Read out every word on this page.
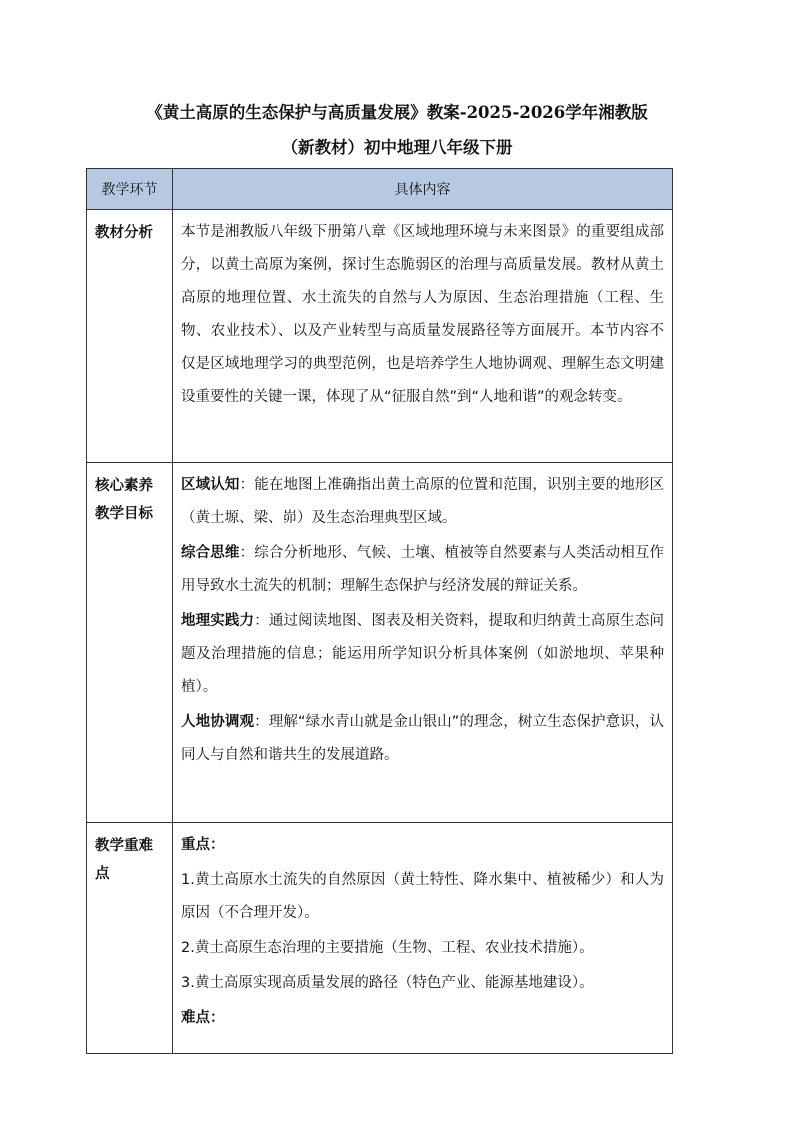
《黄土高原的生态保护与高质量发展》教案-2025-2026学年湘教版
（新教材）初中地理八年级下册
教学环节	具体内容
教材分析	本节是湘教版八年级下册第八章《区域地理环境与未来图景》的重要组成部分，以黄土高原为案例，探讨生态脆弱区的治理与高质量发展。教材从黄土高原的地理位置、水土流失的自然与人为原因、生态治理措施（工程、生物、农业技术）、以及产业转型与高质量发展路径等方面展开。本节内容不仅是区域地理学习的典型范例，也是培养学生人地协调观、理解生态文明建设重要性的关键一课，体现了从“征服自然”到“人地和谐”的观念转变。

核心素养教学目标	区域认知：能在地图上准确指出黄土高原的位置和范围，识别主要的地形区（黄土塬、梁、峁）及生态治理典型区域。

综合思维：综合分析地形、气候、土壤、植被等自然要素与人类活动相互作用导致水土流失的机制；理解生态保护与经济发展的辩证关系。

地理实践力：通过阅读地图、图表及相关资料，提取和归纳黄土高原生态问题及治理措施的信息；能运用所学知识分析具体案例（如淤地坝、苹果种植）。

人地协调观：理解“绿水青山就是金山银山”的理念，树立生态保护意识，认同人与自然和谐共生的发展道路。

教学重难点	重点：

1.黄土高原水土流失的自然原因（黄土特性、降水集中、植被稀少）和人为原因（不合理开发）。

2.黄土高原生态治理的主要措施（生物、工程、农业技术措施）。

3.黄土高原实现高质量发展的路径（特色产业、能源基地建设）。

难点：
